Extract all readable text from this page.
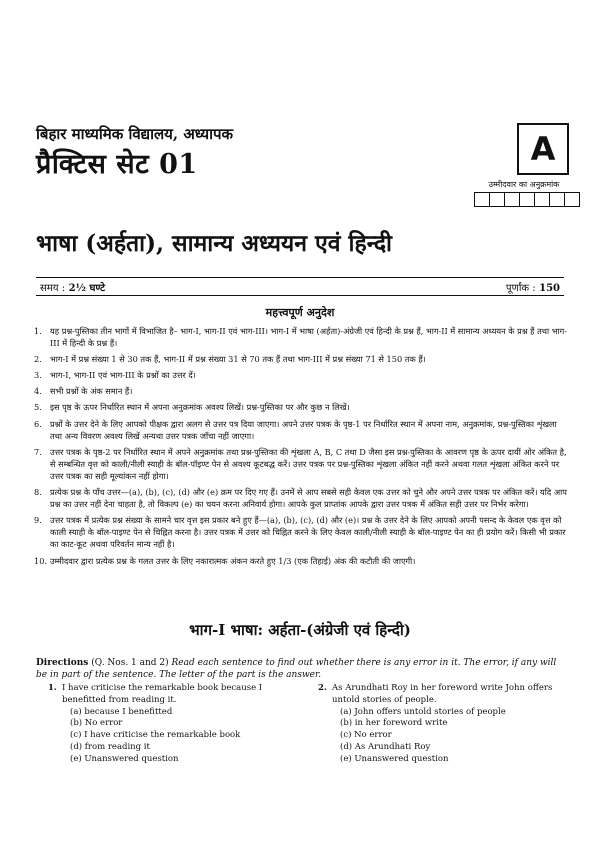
बिहार माध्यमिक विद्यालय, अध्यापक
प्रैक्टिस सेट 01	A
उम्मीदवार का अनुक्रमांक
भाषा (अर्हता), सामान्य अध्ययन एवं हिन्दी
समय : 2½ घण्टे	पूर्णांक : 150
महत्त्वपूर्ण अनुदेश
1. यह प्रश्न-पुस्तिका तीन भागों में विभाजित है– भाग-I, भाग-II एवं भाग-III। भाग-I में भाषा (अर्हता)-अंग्रेजी एवं हिन्दी के प्रश्न हैं, भाग-II में सामान्य अध्ययन के प्रश्न हैं तथा भाग-III में हिन्दी के प्रश्न हैं।
2. भाग-I में प्रश्न संख्या 1 से 30 तक हैं, भाग-II में प्रश्न संख्या 31 से 70 तक हैं तथा भाग-III में प्रश्न संख्या 71 से 150 तक हैं।
3. भाग-I, भाग-II एवं भाग-III के प्रश्नों का उत्तर दें।
4. सभी प्रश्नों के अंक समान हैं।
5. इस पृष्ठ के ऊपर निर्धारित स्थान में अपना अनुक्रमांक अवश्य लिखें। प्रश्न-पुस्तिका पर और कुछ न लिखें।
6. प्रश्नों के उत्तर देने के लिए आपको पीक्षक द्वारा अलग से उत्तर पत्र दिया जाएगा। अपने उत्तर पत्रक के पृष्ठ-1 पर निर्धारित स्थान में अपना नाम, अनुक्रमांक, प्रश्न-पुस्तिका शृंखला तथा अन्य विवरण अवश्य लिखें अन्यथा उत्तर पत्रक जाँचा नहीं जाएगा।
7. उत्तर पत्रक के पृष्ठ-2 पर निर्धारित स्थान में अपने अनुक्रमांक तथा प्रश्न-पुस्तिका की शृंखला A, B, C तथा D जैसा इस प्रश्न-पुस्तिका के आवरण पृष्ठ के ऊपर दायीं ओर अंकित है, से सम्बन्धित वृत्त को काली/नीली स्याही के बॉल-पॉइण्ट पेन से अवश्य कूटबद्ध करें। उत्तर पत्रक पर प्रश्न-पुस्तिका शृंखला अंकित नहीं करने अथवा गलत शृंखला अंकित करने पर उत्तर पत्रक का सही मूल्यांकन नहीं होगा।
8. प्रत्येक प्रश्न के पाँच उत्तर—(a), (b), (c), (d) और (e) क्रम पर दिए गए हैं। उनमें से आप सबसे सही केवल एक उत्तर को चुने और अपने उत्तर पत्रक पर अंकित करें। यदि आप प्रश्न का उत्तर नहीं देना चाहता है, तो विकल्प (e) का चयन करना अनिवार्य होगा। आपके कुल प्राप्तांक आपके द्वारा उत्तर पत्रक में अंकित सही उत्तर पर निर्भर करेगा।
9. उत्तर पत्रक में प्रत्येक प्रश्न संख्या के सामने चार वृत्त इस प्रकार बने हुए हैं—(a), (b), (c), (d) और (e)। प्रश्न के उत्तर देने के लिए आपको अपनी पसन्द के केवल एक वृत्त को काली स्याही के बॉल-पाइण्ट पेन से चिह्नित करना है। उत्तर पत्रक में उत्तर को चिह्नित करने के लिए केवल काली/नीली स्याही के बॉल-पाइण्ट पेन का ही प्रयोग करें। किसी भी प्रकार का काट-कूट अथवा परिवर्तन मान्य नहीं है।
10. उम्मीदवार द्वारा प्रत्येक प्रश्न के गलत उत्तर के लिए नकारात्मक अंकन करते हुए 1/3 (एक तिहाई) अंक की कटौती की जाएगी।
भाग-I भाषा: अर्हता-(अंग्रेजी एवं हिन्दी)
Directions (Q. Nos. 1 and 2) Read each sentence to find out whether there is any error in it. The error, if any will be in part of the sentence. The letter of the part is the answer.
1. I have criticise the remarkable book because I benefitted from reading it.
(a) because I benefitted
(b) No error
(c) I have criticise the remarkable book
(d) from reading it
(e) Unanswered question
2. As Arundhati Roy in her foreword write John offers untold stories of people.
(a) John offers untold stories of people
(b) in her foreword write
(c) No error
(d) As Arundhati Roy
(e) Unanswered question
